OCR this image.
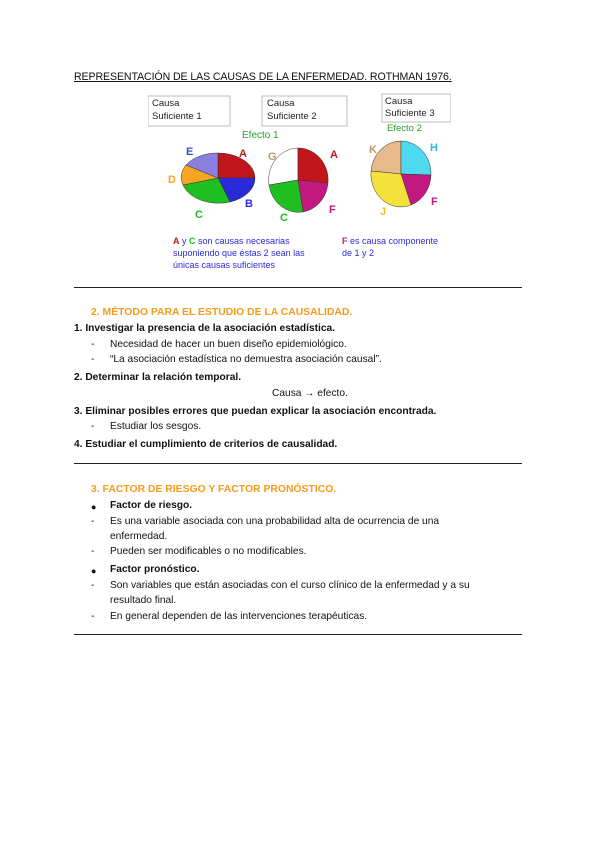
REPRESENTACIÓN DE LAS CAUSAS DE LA ENFERMEDAD. ROTHMAN 1976.
Causa
Suficiente 1
Causa
Suficiente 2
Causa
Suficiente 3
Efecto 1
Efecto 2
A
E
D
B
C
G	A
F
C
K	H
F
J
A y C son causas necesarias
suponiendo que éstas 2 sean las
únicas causas suficientes
F es causa componente
de 1 y 2
2. MÉTODO PARA EL ESTUDIO DE LA CAUSALIDAD.
1. Investigar la presencia de la asociación estadística.
- Necesidad de hacer un buen diseño epidemiológico.
- “La asociación estadística no demuestra asociación causal”.
2. Determinar la relación temporal.
Causa → efecto.
3. Eliminar posibles errores que puedan explicar la asociación encontrada.
- Estudiar los sesgos.
4. Estudiar el cumplimiento de criterios de causalidad.
3. FACTOR DE RIESGO Y FACTOR PRONÓSTICO.
● Factor de riesgo.
- Es una variable asociada con una probabilidad alta de ocurrencia de una
enfermedad.
- Pueden ser modificables o no modificables.
● Factor pronóstico.
- Son variables que están asociadas con el curso clínico de la enfermedad y a su
resultado final.
- En general dependen de las intervenciones terapéuticas.
